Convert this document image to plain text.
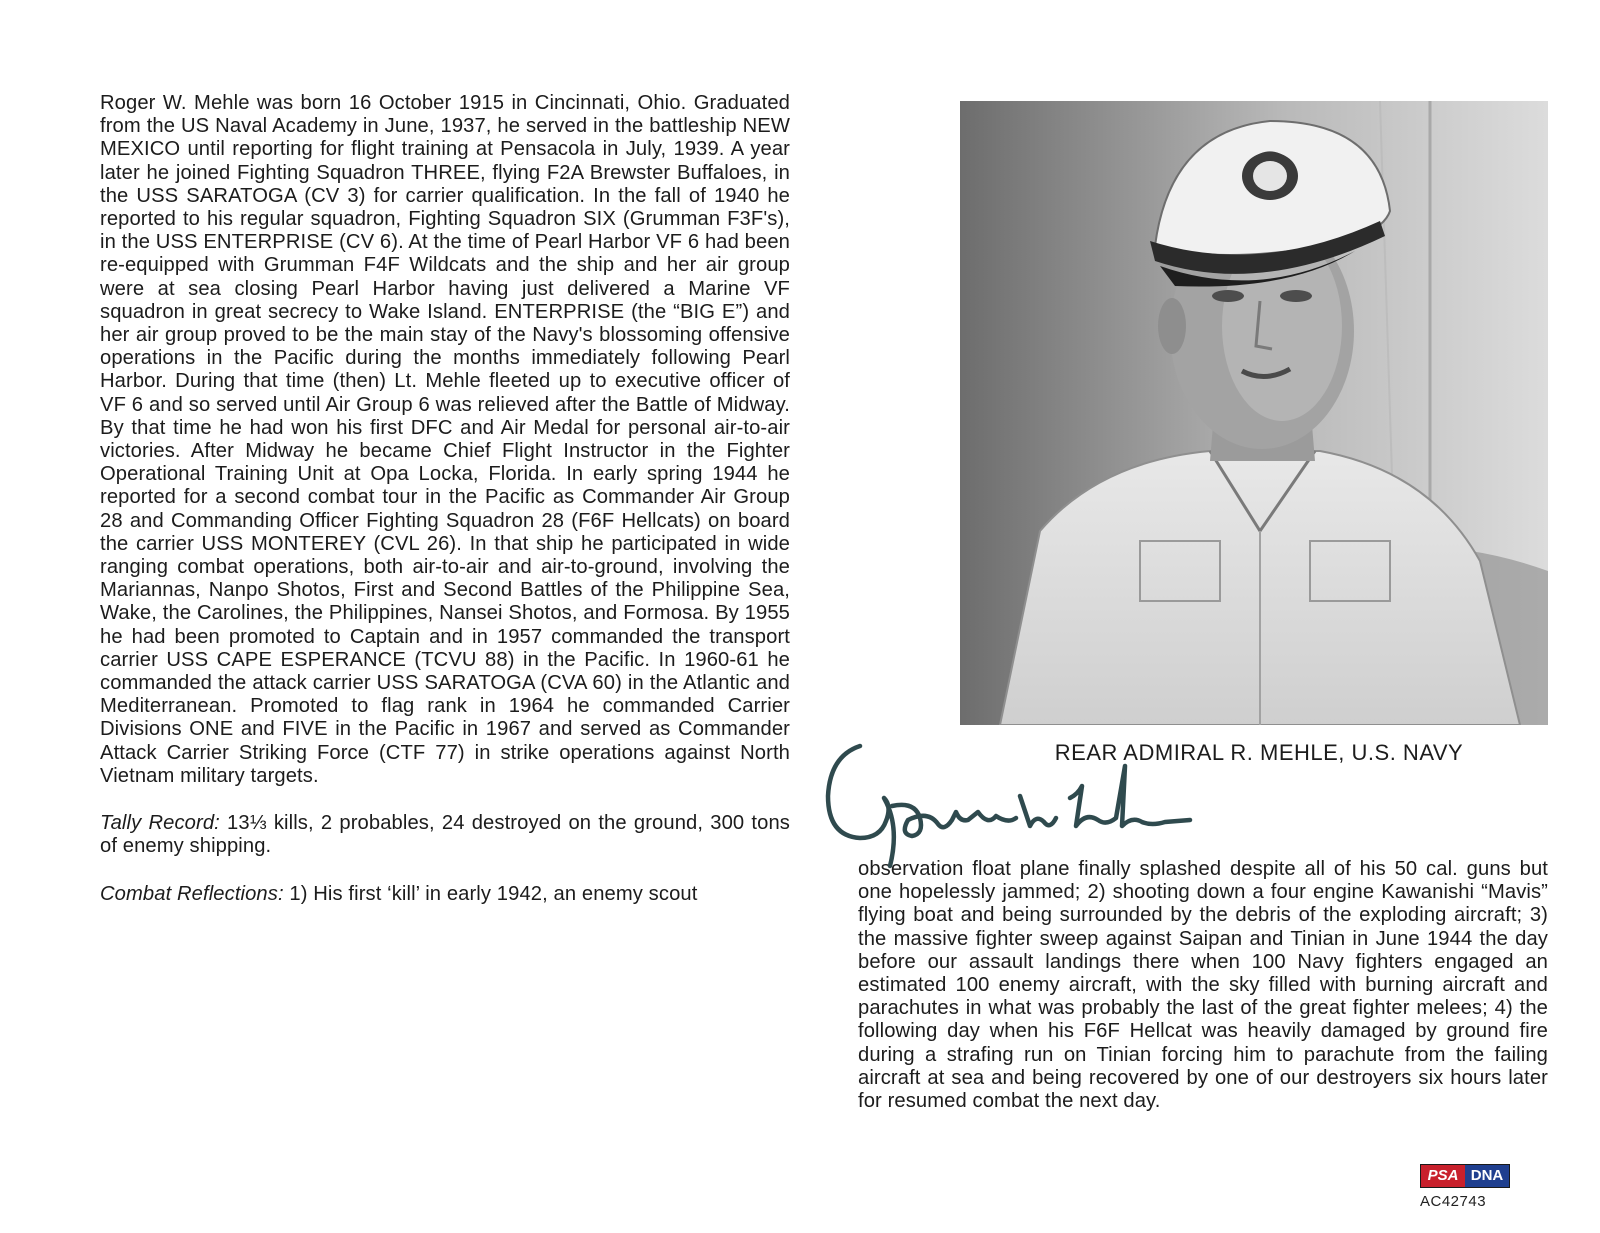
Roger W. Mehle was born 16 October 1915 in Cincinnati, Ohio. Graduated from the US Naval Academy in June, 1937, he served in the battleship NEW MEXICO until reporting for flight training at Pensacola in July, 1939. A year later he joined Fighting Squadron THREE, flying F2A Brewster Buffaloes, in the USS SARATOGA (CV 3) for carrier qualification. In the fall of 1940 he reported to his regular squadron, Fighting Squadron SIX (Grumman F3F's), in the USS ENTERPRISE (CV 6). At the time of Pearl Harbor VF 6 had been re-equipped with Grumman F4F Wildcats and the ship and her air group were at sea closing Pearl Harbor having just delivered a Marine VF squadron in great secrecy to Wake Island. ENTERPRISE (the “BIG E”) and her air group proved to be the main stay of the Navy's blossoming offensive operations in the Pacific during the months immediately following Pearl Harbor. During that time (then) Lt. Mehle fleeted up to executive officer of VF 6 and so served until Air Group 6 was relieved after the Battle of Midway. By that time he had won his first DFC and Air Medal for personal air-to-air victories. After Midway he became Chief Flight Instructor in the Fighter Operational Training Unit at Opa Locka, Florida. In early spring 1944 he reported for a second combat tour in the Pacific as Commander Air Group 28 and Commanding Officer Fighting Squadron 28 (F6F Hellcats) on board the carrier USS MONTEREY (CVL 26). In that ship he participated in wide ranging combat operations, both air-to-air and air-to-ground, involving the Mariannas, Nanpo Shotos, First and Second Battles of the Philippine Sea, Wake, the Carolines, the Philippines, Nansei Shotos, and Formosa. By 1955 he had been promoted to Captain and in 1957 commanded the transport carrier USS CAPE ESPERANCE (TCVU 88) in the Pacific. In 1960-61 he commanded the attack carrier USS SARATOGA (CVA 60) in the Atlantic and Mediterranean. Promoted to flag rank in 1964 he commanded Carrier Divisions ONE and FIVE in the Pacific in 1967 and served as Commander Attack Carrier Striking Force (CTF 77) in strike operations against North Vietnam military targets.

Tally Record: 13⅓ kills, 2 probables, 24 destroyed on the ground, 300 tons of enemy shipping.

Combat Reflections: 1) His first ‘kill’ in early 1942, an enemy scout

REAR ADMIRAL R. MEHLE, U.S. NAVY

observation float plane finally splashed despite all of his 50 cal. guns but one hopelessly jammed; 2) shooting down a four engine Kawanishi “Mavis” flying boat and being surrounded by the debris of the exploding aircraft; 3) the massive fighter sweep against Saipan and Tinian in June 1944 the day before our assault landings there when 100 Navy fighters engaged an estimated 100 enemy aircraft, with the sky filled with burning aircraft and parachutes in what was probably the last of the great fighter melees; 4) the following day when his F6F Hellcat was heavily damaged by ground fire during a strafing run on Tinian forcing him to parachute from the failing aircraft at sea and being recovered by one of our destroyers six hours later for resumed combat the next day.

PSA DNA
AC42743
